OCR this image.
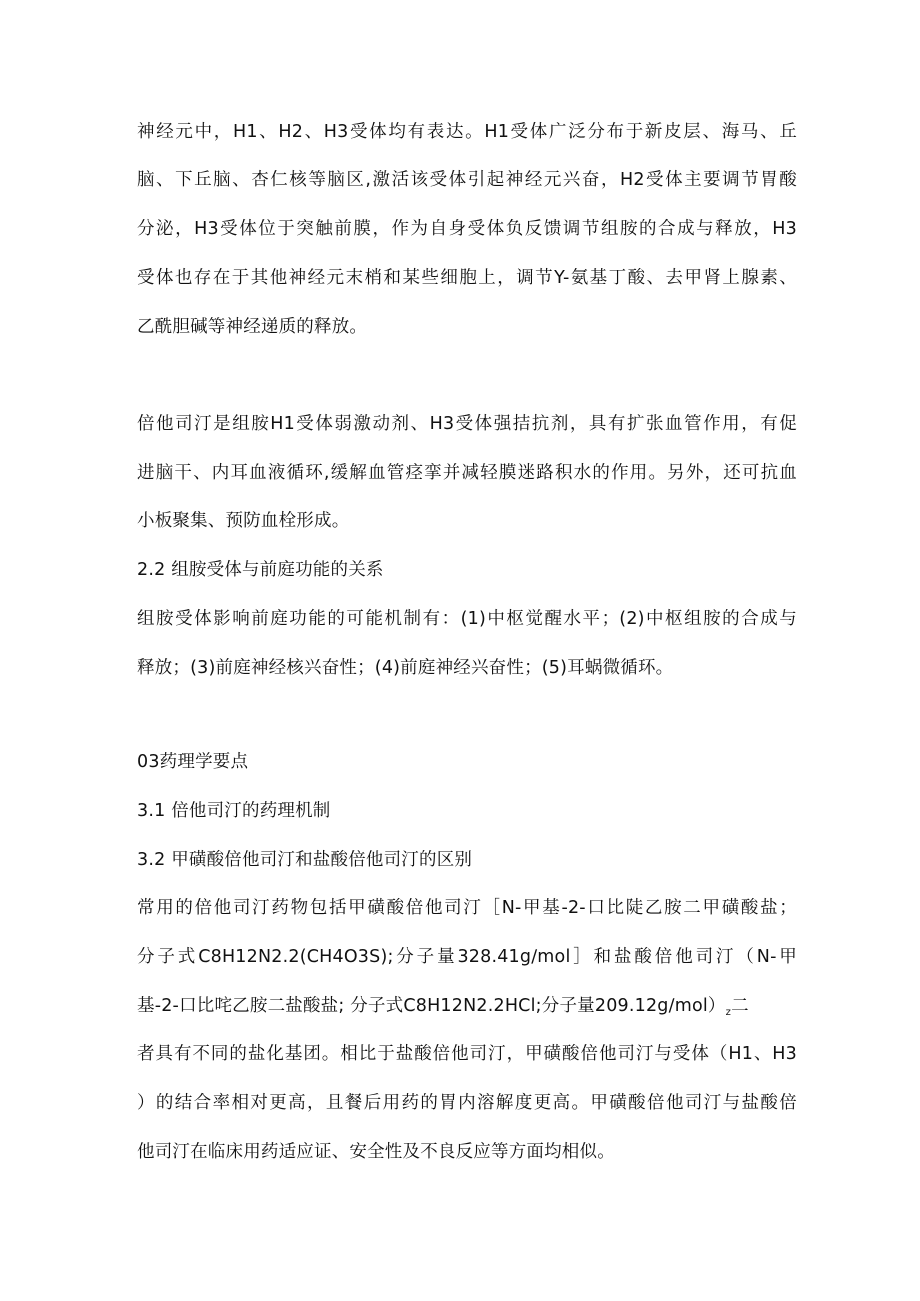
神经元中，H1、H2、H3受体均有表达。H1受体广泛分布于新皮层、海马、丘
脑、下丘脑、杏仁核等脑区,激活该受体引起神经元兴奋，H2受体主要调节胃酸
分泌，H3受体位于突触前膜，作为自身受体负反馈调节组胺的合成与释放，H3
受体也存在于其他神经元末梢和某些细胞上，调节Y-氨基丁酸、去甲肾上腺素、
乙酰胆碱等神经递质的释放。
倍他司汀是组胺H1受体弱激动剂、H3受体强拮抗剂，具有扩张血管作用，有促
进脑干、内耳血液循环,缓解血管痉挛并减轻膜迷路积水的作用。另外，还可抗血
小板聚集、预防血栓形成。
2.2 组胺受体与前庭功能的关系
组胺受体影响前庭功能的可能机制有：(1)中枢觉醒水平；(2)中枢组胺的合成与
释放；(3)前庭神经核兴奋性；(4)前庭神经兴奋性；(5)耳蜗微循环。
03药理学要点
3.1 倍他司汀的药理机制
3.2 甲磺酸倍他司汀和盐酸倍他司汀的区别
常用的倍他司汀药物包括甲磺酸倍他司汀［N-甲基-2-口比陡乙胺二甲磺酸盐；
分子式C8H12N2.2(CH4O3S);分子量328.41g∕mol］和盐酸倍他司汀（N-甲
基-2-口比咤乙胺二盐酸盐; 分子式C8H12N2.2HCl;分子量$209.12g∕mol)_z$二
者具有不同的盐化基团。相比于盐酸倍他司汀，甲磺酸倍他司汀与受体（H1、H3
）的结合率相对更高，且餐后用药的胃内溶解度更高。甲磺酸倍他司汀与盐酸倍
他司汀在临床用药适应证、安全性及不良反应等方面均相似。
